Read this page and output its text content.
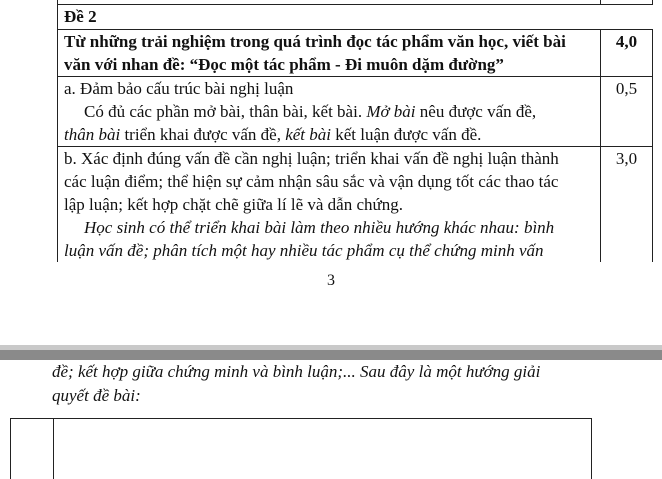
Đề 2	

Từ những trải nghiệm trong quá trình đọc tác phẩm văn học, viết bài
văn với nhan đề: “Đọc một tác phẩm - Đi muôn dặm đường”	4,0

a. Đảm bảo cấu trúc bài nghị luận
Có đủ các phần mở bài, thân bài, kết bài. Mở bài nêu được vấn đề,
thân bài triển khai được vấn đề, kết bài kết luận được vấn đề.	0,5

b. Xác định đúng vấn đề cần nghị luận; triển khai vấn đề nghị luận thành
các luận điểm; thể hiện sự cảm nhận sâu sắc và vận dụng tốt các thao tác
lập luận; kết hợp chặt chẽ giữa lí lẽ và dẫn chứng.
Học sinh có thể triển khai bài làm theo nhiều hướng khác nhau: bình
luận vấn đề; phân tích một hay nhiều tác phẩm cụ thể chứng minh vấn	3,0
3
đề; kết hợp giữa chứng minh và bình luận;... Sau đây là một hướng giải
quyết đề bài:
